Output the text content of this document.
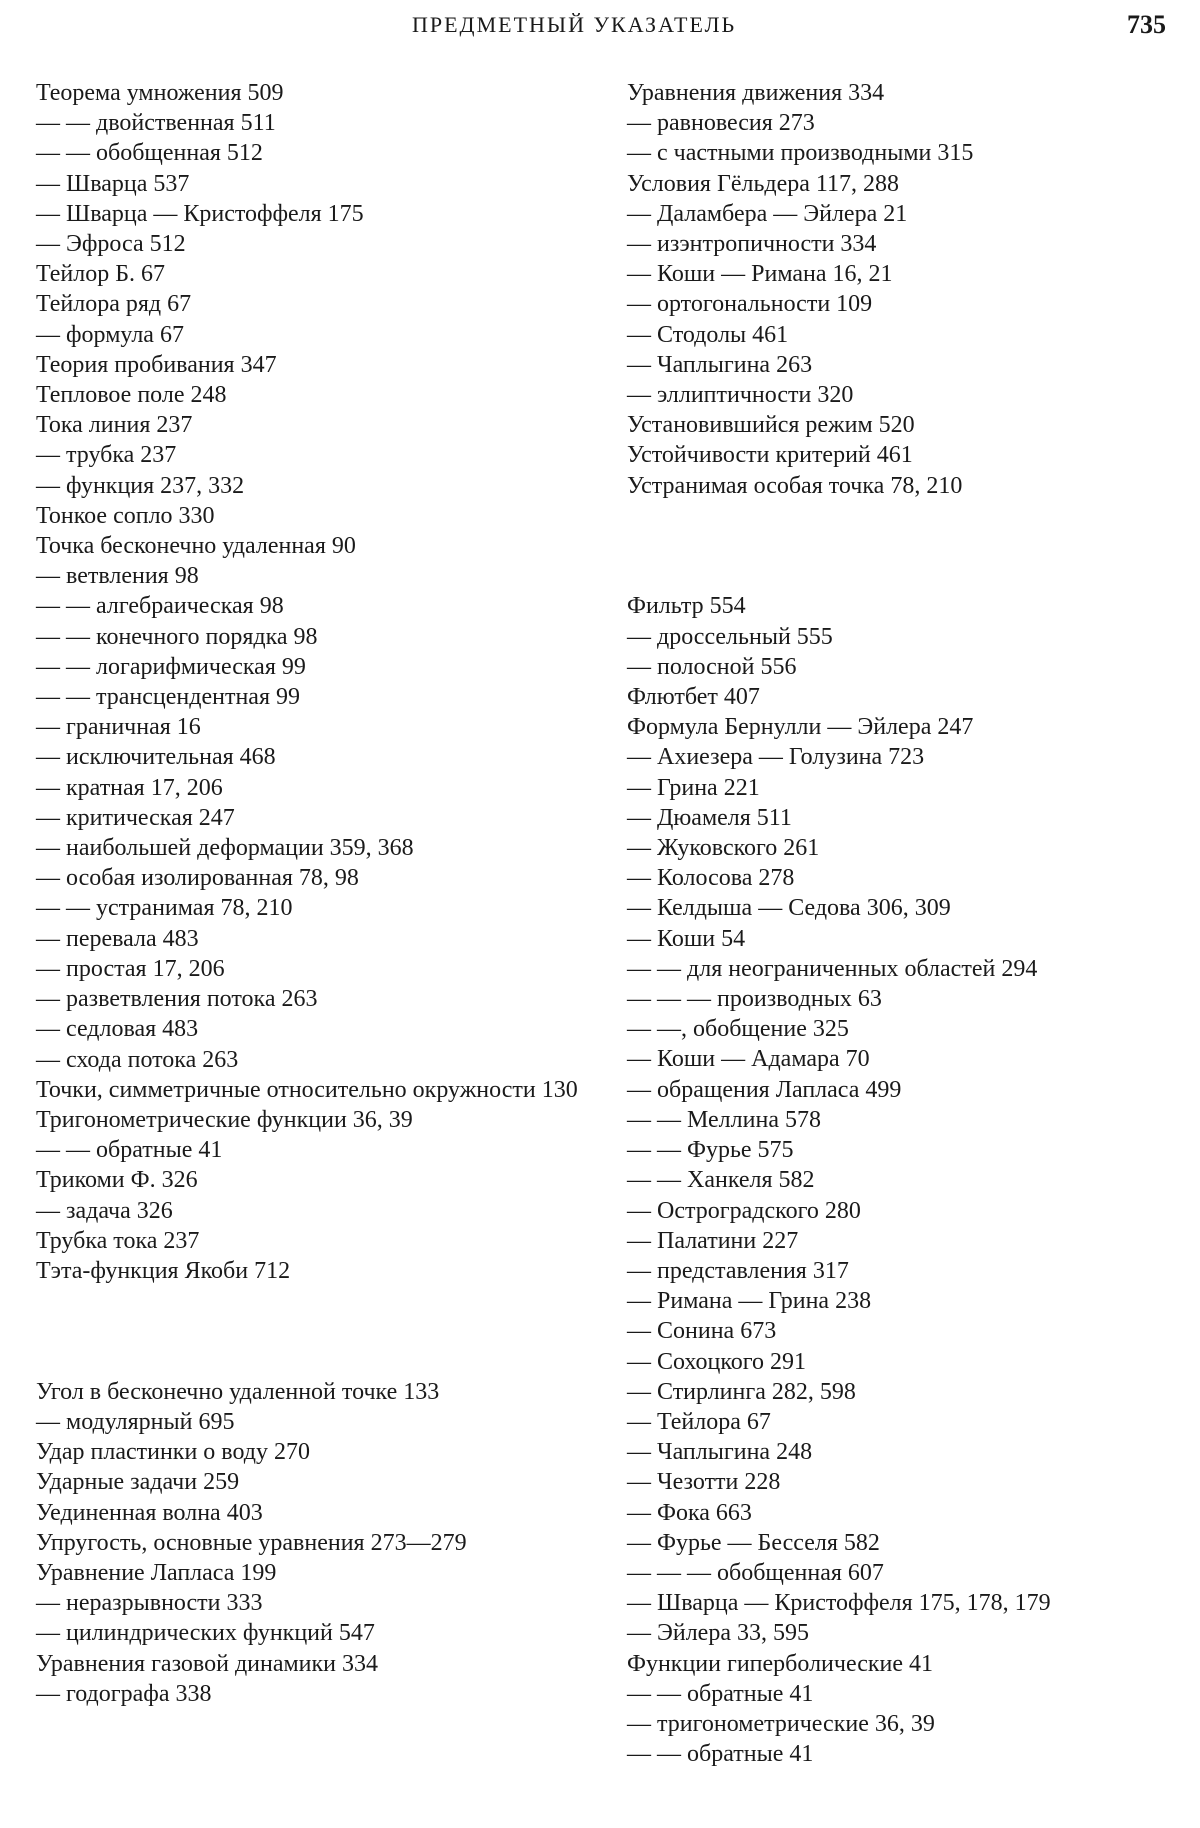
ПРЕДМЕТНЫЙ УКАЗАТЕЛЬ	735
Теорема умножения 509
— — двойственная 511
— — обобщенная 512
— Шварца 537
— Шварца — Кристоффеля 175
— Эфроса 512
Тейлор Б. 67
Тейлора ряд 67
— формула 67
Теория пробивания 347
Тепловое поле 248
Тока линия 237
— трубка 237
— функция 237, 332
Тонкое сопло 330
Точка бесконечно удаленная 90
— ветвления 98
— — алгебраическая 98
— — конечного порядка 98
— — логарифмическая 99
— — трансцендентная 99
— граничная 16
— исключительная 468
— кратная 17, 206
— критическая 247
— наибольшей деформации 359, 368
— особая изолированная 78, 98
— — устранимая 78, 210
— перевала 483
— простая 17, 206
— разветвления потока 263
— седловая 483
— схода потока 263
Точки, симметричные относительно окружности 130
Тригонометрические функции 36, 39
— — обратные 41
Трикоми Ф. 326
— задача 326
Трубка тока 237
Тэта-функция Якоби 712
Угол в бесконечно удаленной точке 133
— модулярный 695
Удар пластинки о воду 270
Ударные задачи 259
Уединенная волна 403
Упругость, основные уравнения 273—279
Уравнение Лапласа 199
— неразрывности 333
— цилиндрических функций 547
Уравнения газовой динамики 334
— годографа 338
Уравнения движения 334
— равновесия 273
— с частными производными 315
Условия Гёльдера 117, 288
— Даламбера — Эйлера 21
— изэнтропичности 334
— Коши — Римана 16, 21
— ортогональности 109
— Стодолы 461
— Чаплыгина 263
— эллиптичности 320
Установившийся режим 520
Устойчивости критерий 461
Устранимая особая точка 78, 210
Фильтр 554
— дроссельный 555
— полосной 556
Флютбет 407
Формула Бернулли — Эйлера 247
— Ахиезера — Голузина 723
— Грина 221
— Дюамеля 511
— Жуковского 261
— Колосова 278
— Келдыша — Седова 306, 309
— Коши 54
— — для неограниченных областей 294
— — — производных 63
— —, обобщение 325
— Коши — Адамара 70
— обращения Лапласа 499
— — Меллина 578
— — Фурье 575
— — Ханкеля 582
— Остроградского 280
— Палатини 227
— представления 317
— Римана — Грина 238
— Сонина 673
— Сохоцкого 291
— Стирлинга 282, 598
— Тейлора 67
— Чаплыгина 248
— Чезотти 228
— Фока 663
— Фурье — Бесселя 582
— — — обобщенная 607
— Шварца — Кристоффеля 175, 178, 179
— Эйлера 33, 595
Функции гиперболические 41
— — обратные 41
— тригонометрические 36, 39
— — обратные 41
